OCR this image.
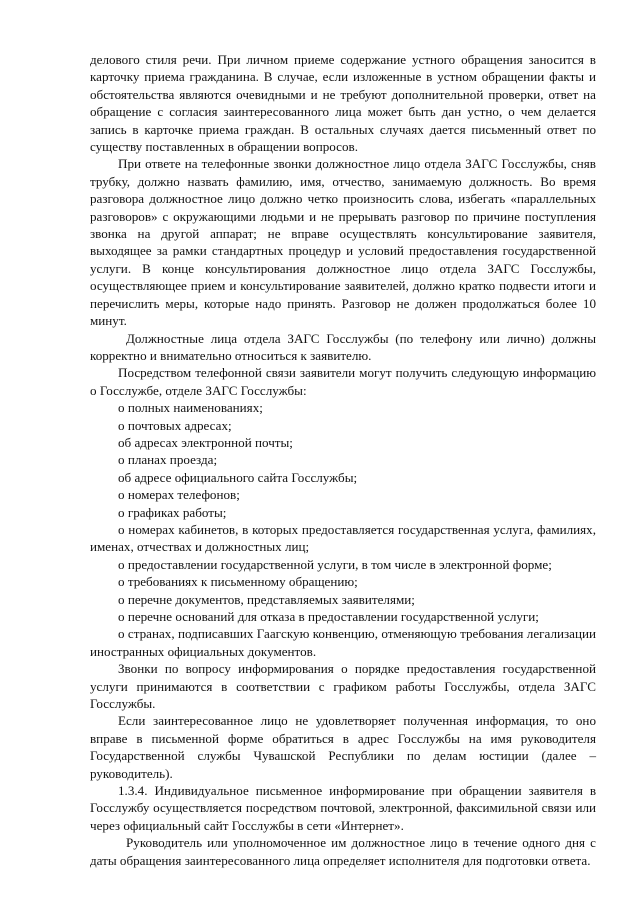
делового стиля речи. При личном приеме содержание устного обращения заносится в карточку приема гражданина. В случае, если изложенные в устном обращении факты и обстоятельства являются очевидными и не требуют дополнительной проверки, ответ на обращение с согласия заинтересованного лица может быть дан устно, о чем делается запись в карточке приема граждан. В остальных случаях дается письменный ответ по существу поставленных в обращении вопросов.

При ответе на телефонные звонки должностное лицо отдела ЗАГС Госслужбы, сняв трубку, должно назвать фамилию, имя, отчество, занимаемую должность. Во время разговора должностное лицо должно четко произносить слова, избегать «параллельных разговоров» с окружающими людьми и не прерывать разговор по причине поступления звонка на другой аппарат; не вправе осуществлять консультирование заявителя, выходящее за рамки стандартных процедур и условий предоставления государственной услуги. В конце консультирования должностное лицо отдела ЗАГС Госслужбы, осуществляющее прием и консультирование заявителей, должно кратко подвести итоги и перечислить меры, которые надо принять. Разговор не должен продолжаться более 10 минут.

Должностные лица отдела ЗАГС Госслужбы (по телефону или лично) должны корректно и внимательно относиться к заявителю.

Посредством телефонной связи заявители могут получить следующую информацию о Госслужбе, отделе ЗАГС Госслужбы:

о полных наименованиях;

о почтовых адресах;

об адресах электронной почты;

о планах проезда;

об адресе официального сайта Госслужбы;

о номерах телефонов;

о графиках работы;

о номерах кабинетов, в которых предоставляется государственная услуга, фамилиях, именах, отчествах и должностных лиц;

о предоставлении государственной услуги, в том числе в электронной форме;

о требованиях к письменному обращению;

о перечне документов, представляемых заявителями;

о перечне оснований для отказа в предоставлении государственной услуги;

о странах, подписавших Гаагскую конвенцию, отменяющую требования легализации иностранных официальных документов.

Звонки по вопросу информирования о порядке предоставления государственной услуги принимаются в соответствии с графиком работы Госслужбы, отдела ЗАГС Госслужбы.

Если заинтересованное лицо не удовлетворяет полученная информация, то оно вправе в письменной форме обратиться в адрес Госслужбы на имя руководителя Государственной службы Чувашской Республики по делам юстиции (далее – руководитель).

1.3.4. Индивидуальное письменное информирование при обращении заявителя в Госслужбу осуществляется посредством почтовой, электронной, факсимильной связи или через официальный сайт Госслужбы в сети «Интернет».

Руководитель или уполномоченное им должностное лицо в течение одного дня с даты обращения заинтересованного лица определяет исполнителя для подготовки ответа.
